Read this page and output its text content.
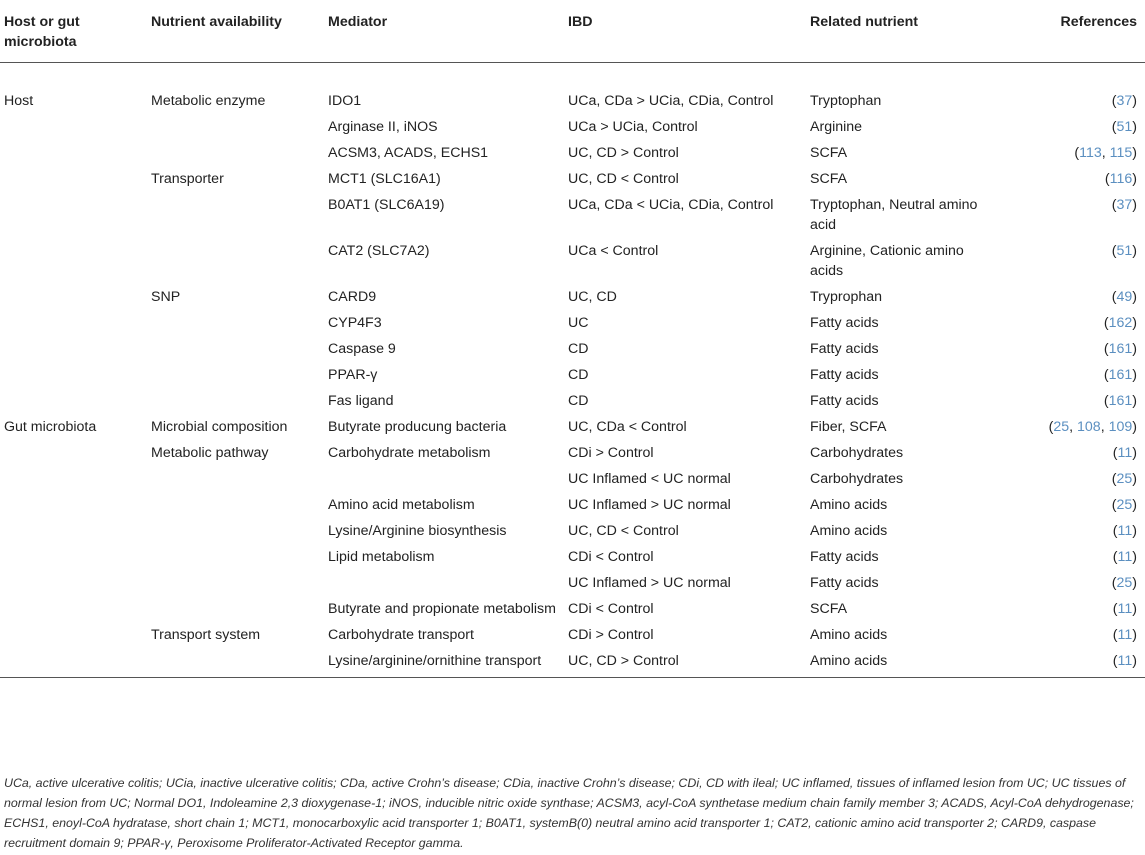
Host or gut microbiota	Nutrient availability	Mediator	IBD	Related nutrient	References
Host	Metabolic enzyme	IDO1	UCa, CDa > UCia, CDia, Control	Tryptophan	(37)
		Arginase II, iNOS	UCa > UCia, Control	Arginine	(51)
		ACSM3, ACADS, ECHS1	UC, CD > Control	SCFA	(113, 115)
	Transporter	MCT1 (SLC16A1)	UC, CD < Control	SCFA	(116)
		B0AT1 (SLC6A19)	UCa, CDa < UCia, CDia, Control	Tryptophan, Neutral amino acid	(37)
		CAT2 (SLC7A2)	UCa < Control	Arginine, Cationic amino acids	(51)
	SNP	CARD9	UC, CD	Tryprophan	(49)
		CYP4F3	UC	Fatty acids	(162)
		Caspase 9	CD	Fatty acids	(161)
		PPAR-γ	CD	Fatty acids	(161)
		Fas ligand	CD	Fatty acids	(161)
Gut microbiota	Microbial composition	Butyrate producung bacteria	UC, CDa < Control	Fiber, SCFA	(25, 108, 109)
	Metabolic pathway	Carbohydrate metabolism	CDi > Control	Carbohydrates	(11)
			UC Inflamed < UC normal	Carbohydrates	(25)
		Amino acid metabolism	UC Inflamed > UC normal	Amino acids	(25)
		Lysine/Arginine biosynthesis	UC, CD < Control	Amino acids	(11)
		Lipid metabolism	CDi < Control	Fatty acids	(11)
			UC Inflamed > UC normal	Fatty acids	(25)
		Butyrate and propionate metabolism	CDi < Control	SCFA	(11)
	Transport system	Carbohydrate transport	CDi > Control	Amino acids	(11)
		Lysine/arginine/ornithine transport	UC, CD > Control	Amino acids	(11)

UCa, active ulcerative colitis; UCia, inactive ulcerative colitis; CDa, active Crohn’s disease; CDia, inactive Crohn’s disease; CDi, CD with ileal; UC inflamed, tissues of inflamed lesion from UC; UC tissues of normal lesion from UC; Normal DO1, Indoleamine 2,3 dioxygenase-1; iNOS, inducible nitric oxide synthase; ACSM3, acyl-CoA synthetase medium chain family member 3; ACADS, Acyl-CoA dehydrogenase; ECHS1, enoyl-CoA hydratase, short chain 1; MCT1, monocarboxylic acid transporter 1; B0AT1, systemB(0) neutral amino acid transporter 1; CAT2, cationic amino acid transporter 2; CARD9, caspase recruitment domain 9; PPAR-γ, Peroxisome Proliferator-Activated Receptor gamma.
